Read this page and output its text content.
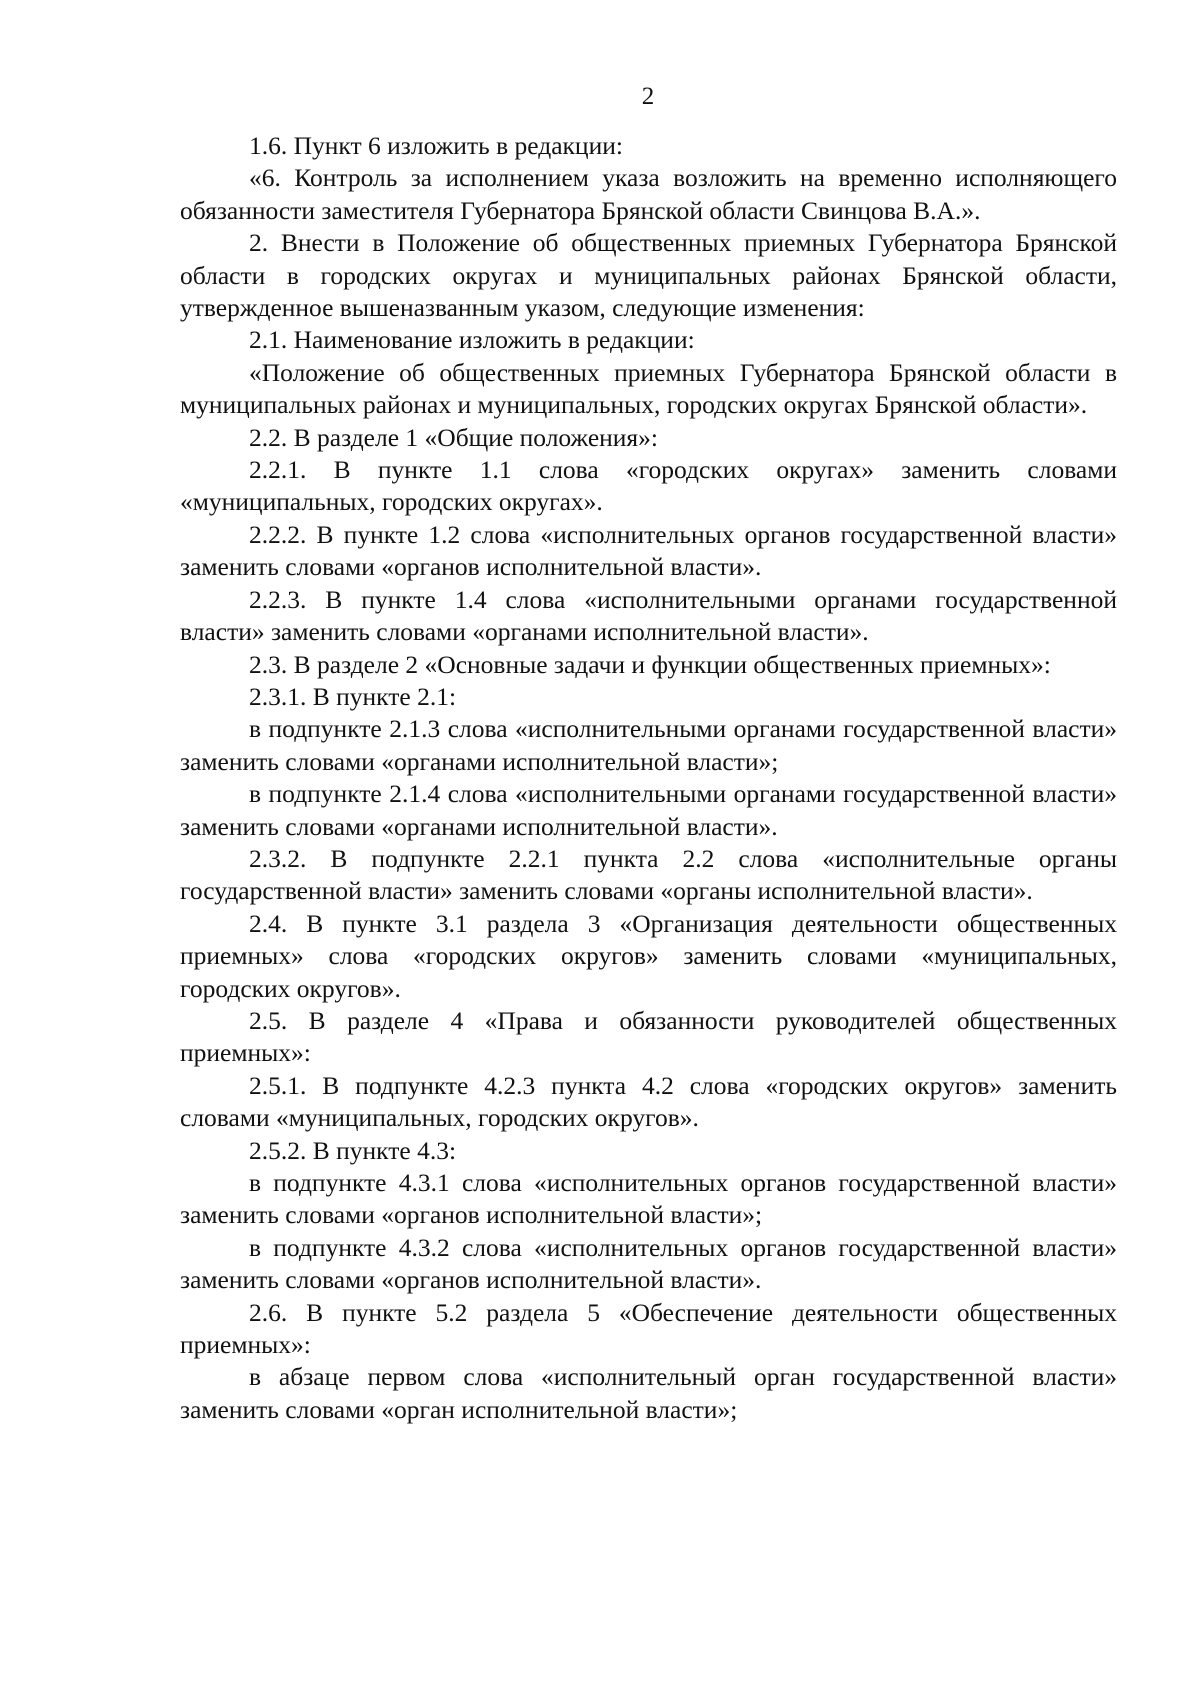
2

1.6. Пункт 6 изложить в редакции:

«6. Контроль за исполнением указа возложить на временно исполняющего обязанности заместителя Губернатора Брянской области Свинцова В.А.».

2. Внести в Положение об общественных приемных Губернатора Брянской области в городских округах и муниципальных районах Брянской области, утвержденное вышеназванным указом, следующие изменения:

2.1. Наименование изложить в редакции:

«Положение об общественных приемных Губернатора Брянской области в муниципальных районах и муниципальных, городских округах Брянской области».

2.2. В разделе 1 «Общие положения»:

2.2.1. В пункте 1.1 слова «городских округах» заменить словами «муниципальных, городских округах».

2.2.2. В пункте 1.2 слова «исполнительных органов государственной власти» заменить словами «органов исполнительной власти».

2.2.3. В пункте 1.4 слова «исполнительными органами государственной власти» заменить словами «органами исполнительной власти».

2.3. В разделе 2 «Основные задачи и функции общественных приемных»:

2.3.1. В пункте 2.1:

в подпункте 2.1.3 слова «исполнительными органами государственной власти» заменить словами «органами исполнительной власти»;

в подпункте 2.1.4 слова «исполнительными органами государственной власти» заменить словами «органами исполнительной власти».

2.3.2. В подпункте 2.2.1 пункта 2.2 слова «исполнительные органы государственной власти» заменить словами «органы исполнительной власти».

2.4. В пункте 3.1 раздела 3 «Организация деятельности общественных приемных» слова «городских округов» заменить словами «муниципальных, городских округов».

2.5. В разделе 4 «Права и обязанности руководителей общественных приемных»:

2.5.1. В подпункте 4.2.3 пункта 4.2 слова «городских округов» заменить словами «муниципальных, городских округов».

2.5.2. В пункте 4.3:

в подпункте 4.3.1 слова «исполнительных органов государственной власти» заменить словами «органов исполнительной власти»;

в подпункте 4.3.2 слова «исполнительных органов государственной власти» заменить словами «органов исполнительной власти».

2.6. В пункте 5.2 раздела 5 «Обеспечение деятельности общественных приемных»:

в абзаце первом слова «исполнительный орган государственной власти» заменить словами «орган исполнительной власти»;
